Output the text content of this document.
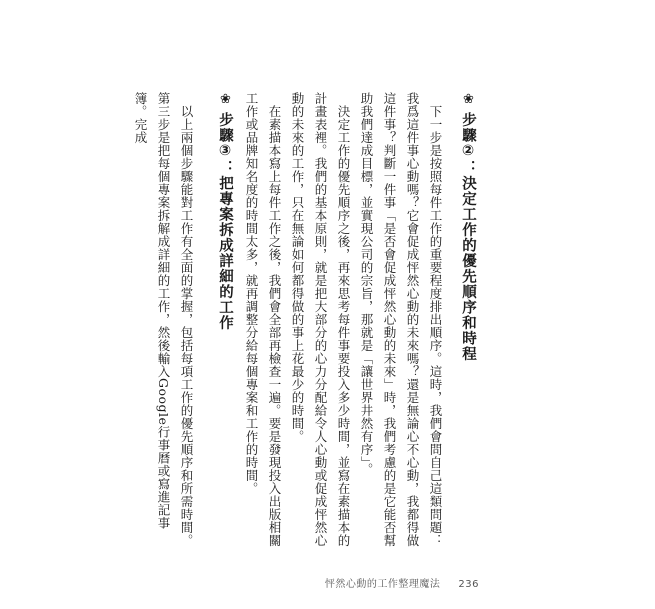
❀步驟②：決定工作的優先順序和時程

下一步是按照每件工作的重要程度排出順序。這時，我們會問自己這類問題：我爲這件事心動嗎？它會促成怦然心動的未來嗎？還是無論心不心動，我都得做這件事？判斷一件事「是否會促成怦然心動的未來」時，我們考慮的是它能否幫助我們達成目標，並實現公司的宗旨，那就是「讓世界井然有序」。

決定工作的優先順序之後，再來思考每件事要投入多少時間，並寫在素描本的計畫表裡。我們的基本原則，就是把大部分的心力分配給令人心動或促成怦然心動的未來的工作，只在無論如何都得做的事上花最少的時間。

在素描本寫上每件工作之後，我們會全部再檢查一遍。要是發現投入出版相關工作或品牌知名度的時間太多，就再調整分給每個專案和工作的時間。

❀步驟③：把專案拆成詳細的工作

以上兩個步驟能對工作有全面的掌握，包括每項工作的優先順序和所需時間。第三步是把每個專案拆解成詳細的工作，然後輸入Google行事曆或寫進記事簿。完成

怦然心動的工作整理魔法 236
